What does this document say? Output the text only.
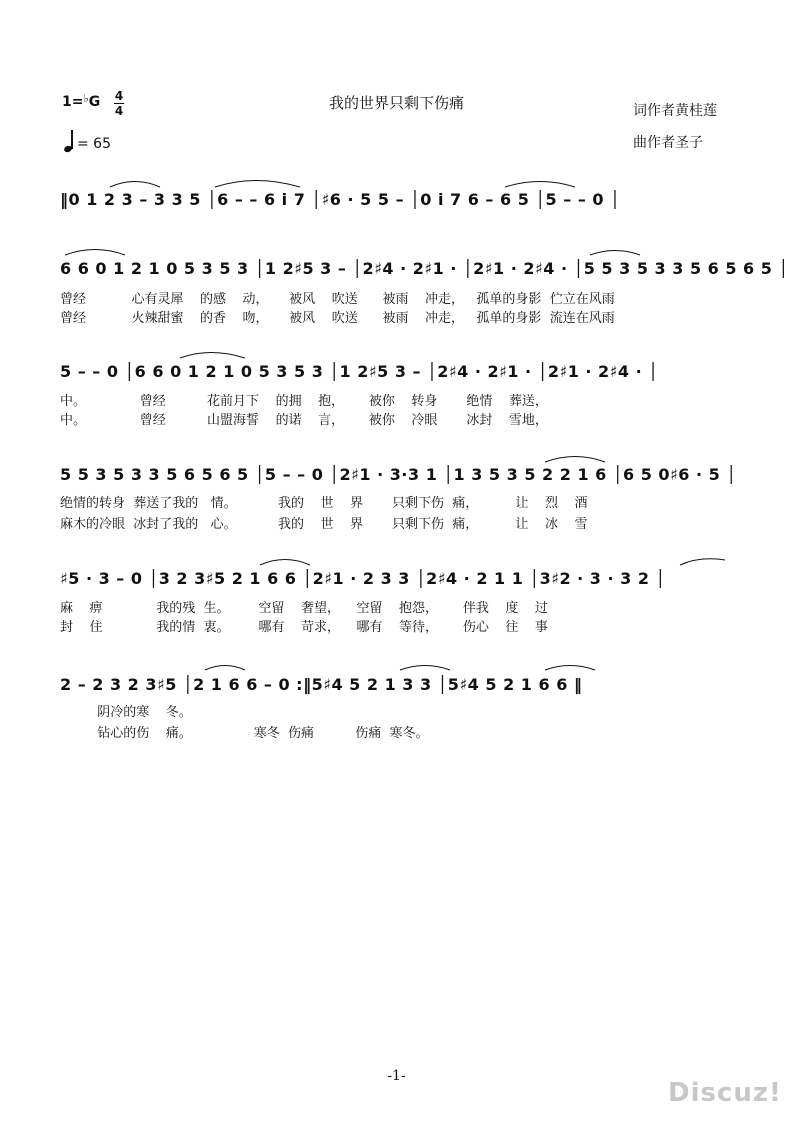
我的世界只剩下伤痛	词作者黄桂莲
曲作者圣子
1=♭G 4
4
= 65
‖0 1 2 3 – 3 3 5 │6 – – 6 i 7 │♯6 · 5 5 – │0 i 7 6 – 6 5 │5 – – 0 │
6 6 0 1 2 1 0 5 3 5 3 │1 2♯5 3 – │2♯4 · 2♯1 · │2♯1 · 2♯4 · │5 5 3 5 3 3 5 6 5 6 5 │
曾经           心有灵犀    的感    动，     被风    吹送      被雨    冲走，   孤单的身影  伫立在风雨
曾经           火辣甜蜜    的香    吻，     被风    吹送      被雨    冲走，   孤单的身影  流连在风雨
5 – – 0 │6 6 0 1 2 1 0 5 3 5 3 │1 2♯5 3 – │2♯4 · 2♯1 · │2♯1 · 2♯4 · │
中。             曾经          花前月下    的拥    抱，      被你    转身       绝情    葬送，
中。             曾经          山盟海誓    的诺    言，      被你    冷眼       冰封    雪地，
5 5 3 5 3 3 5 6 5 6 5 │5 – – 0 │2♯1 · 3·3 1 │1 3 5 3 5 2 2 1 6 │6 5 0♯6 · 5 │
绝情的转身  葬送了我的   情。          我的    世    界       只剩下伤  痛，         让    烈    酒
麻木的冷眼  冰封了我的   心。          我的    世    界       只剩下伤  痛，         让    冰    雪
♯5 · 3 – 0 │3 2 3♯5 2 1 6 6 │2♯1 · 2 3 3 │2♯4 · 2 1 1 │3♯2 · 3 · 3 2 │
麻    痹             我的残  生。       空留    奢望，    空留    抱怨，      伴我    度    过
封    住             我的情  衷。       哪有    苛求，    哪有    等待，      伤心    往    事
2 – 2 3 2 3♯5 │2 1 6 6 – 0 :‖5♯4 5 2 1 3 3 │5♯4 5 2 1 6 6 ‖
阴冷的寒    冬。
钻心的伤    痛。               寒冬  伤痛          伤痛  寒冬。
-1-
Discuz!
